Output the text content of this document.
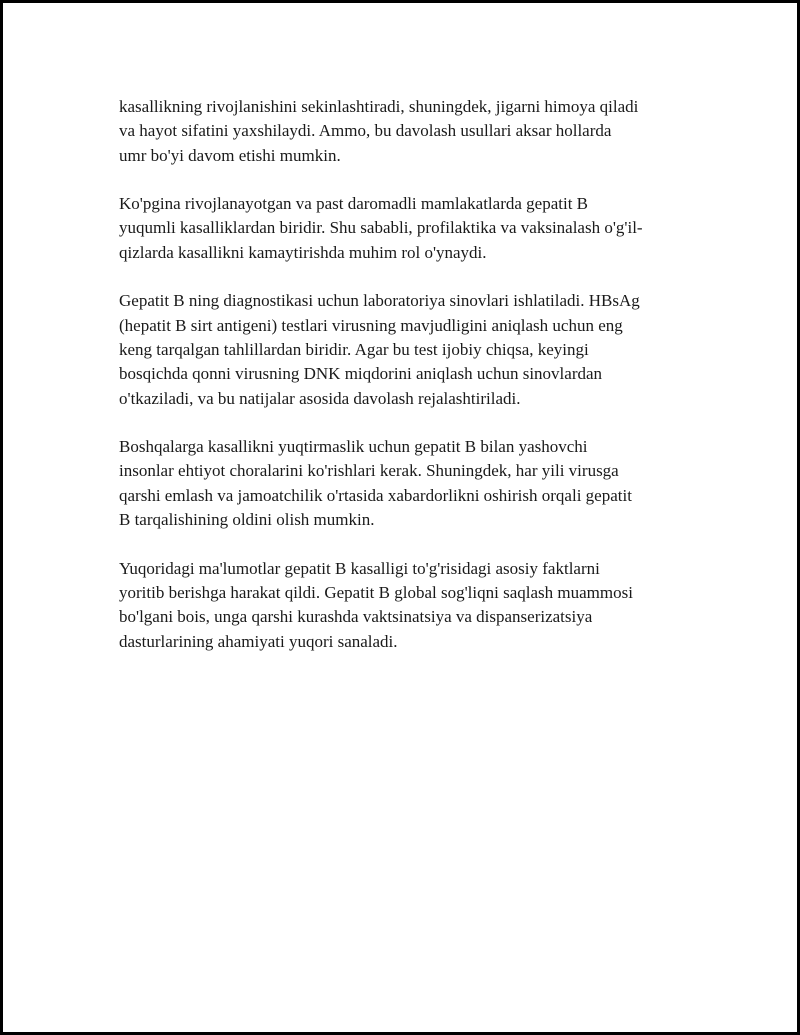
kasallikning rivojlanishini sekinlashtiradi, shuningdek, jigarni himoya qiladi
va hayot sifatini yaxshilaydi. Ammo, bu davolash usullari aksar hollarda
umr bo'yi davom etishi mumkin.

Ko'pgina rivojlanayotgan va past daromadli mamlakatlarda gepatit B
yuqumli kasalliklardan biridir. Shu sababli, profilaktika va vaksinalash o'g'il-
qizlarda kasallikni kamaytirishda muhim rol o'ynaydi.

Gepatit B ning diagnostikasi uchun laboratoriya sinovlari ishlatiladi. HBsAg
(hepatit B sirt antigeni) testlari virusning mavjudligini aniqlash uchun eng
keng tarqalgan tahlillardan biridir. Agar bu test ijobiy chiqsa, keyingi
bosqichda qonni virusning DNK miqdorini aniqlash uchun sinovlardan
o'tkaziladi, va bu natijalar asosida davolash rejalashtiriladi.

Boshqalarga kasallikni yuqtirmaslik uchun gepatit B bilan yashovchi
insonlar ehtiyot choralarini ko'rishlari kerak. Shuningdek, har yili virusga
qarshi emlash va jamoatchilik o'rtasida xabardorlikni oshirish orqali gepatit
B tarqalishining oldini olish mumkin.

Yuqoridagi ma'lumotlar gepatit B kasalligi to'g'risidagi asosiy faktlarni
yoritib berishga harakat qildi. Gepatit B global sog'liqni saqlash muammosi
bo'lgani bois, unga qarshi kurashda vaktsinatsiya va dispanserizatsiya
dasturlarining ahamiyati yuqori sanaladi.
